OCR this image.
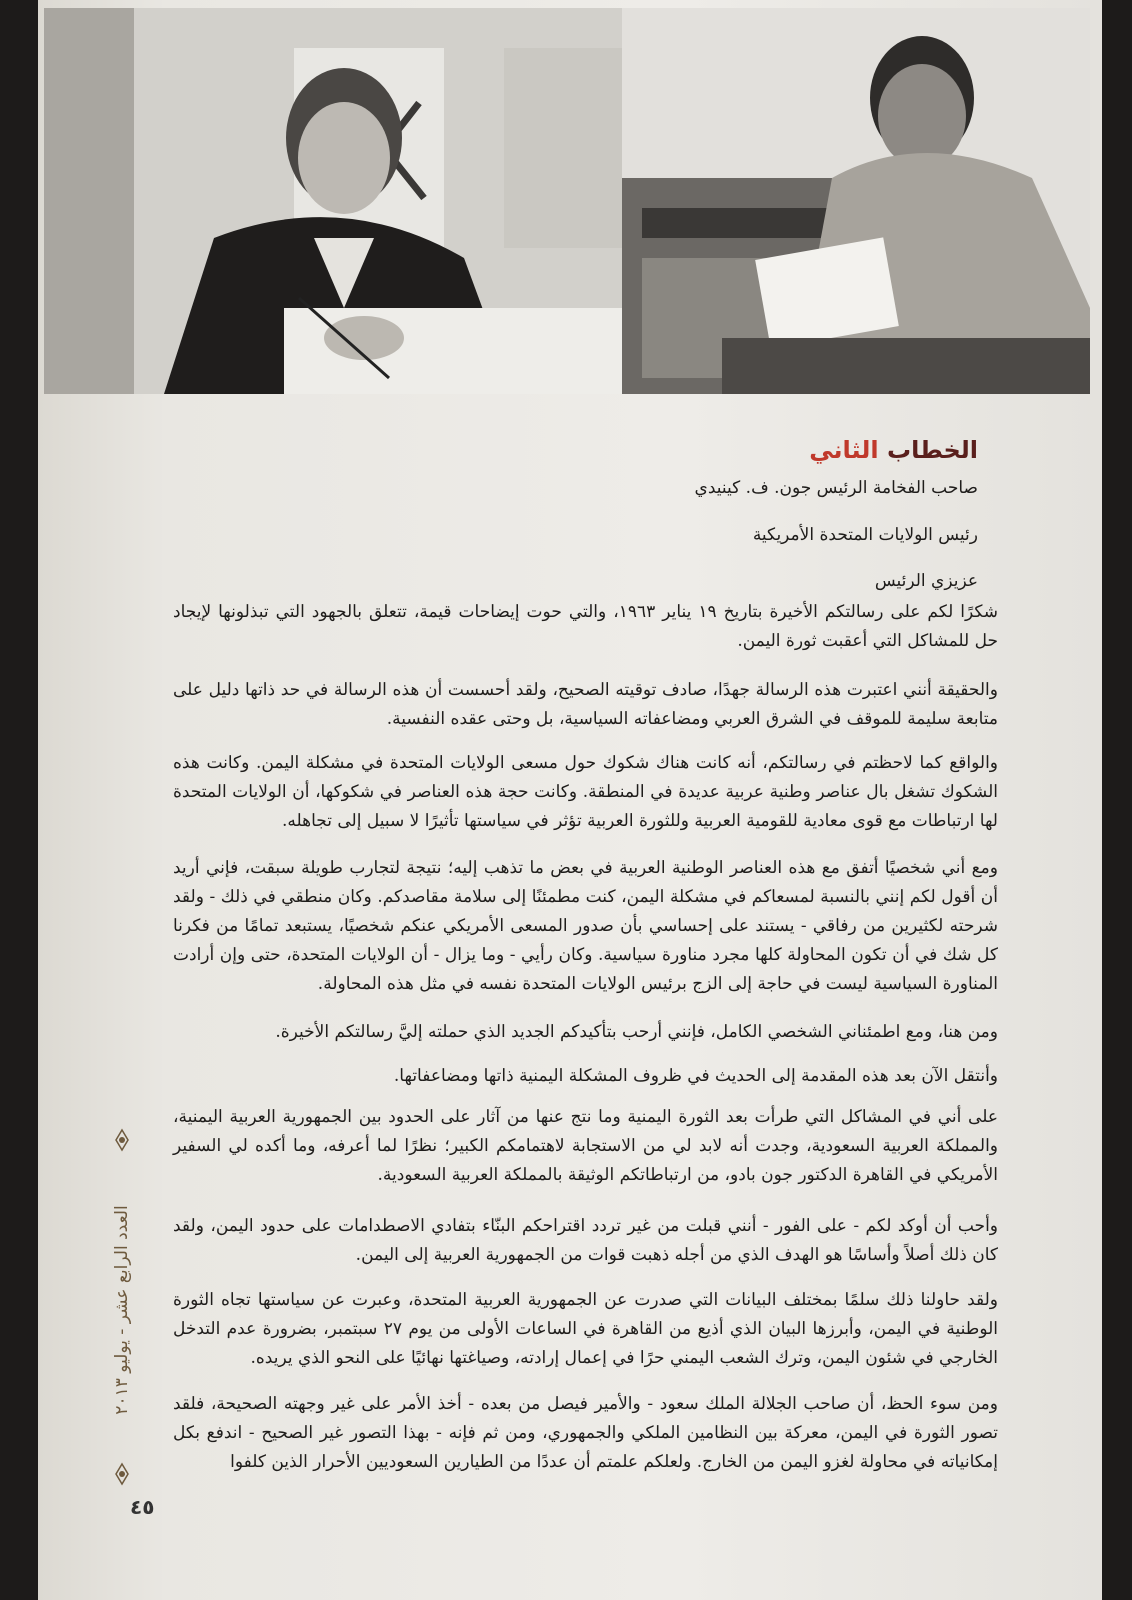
الخطاب الثاني
صاحب الفخامة الرئيس جون. ف. كينيدي
رئيس الولايات المتحدة الأمريكية
عزيزي الرئيس

شكرًا لكم على رسالتكم الأخيرة بتاريخ ١٩ يناير ١٩٦٣، والتي حوت إيضاحات قيمة، تتعلق بالجهود التي تبذلونها لإيجاد حل للمشاكل التي أعقبت ثورة اليمن.

والحقيقة أنني اعتبرت هذه الرسالة جهدًا، صادف توقيته الصحيح، ولقد أحسست أن هذه الرسالة في حد ذاتها دليل على متابعة سليمة للموقف في الشرق العربي ومضاعفاته السياسية، بل وحتى عقده النفسية.

والواقع كما لاحظتم في رسالتكم، أنه كانت هناك شكوك حول مسعى الولايات المتحدة في مشكلة اليمن. وكانت هذه الشكوك تشغل بال عناصر وطنية عربية عديدة في المنطقة. وكانت حجة هذه العناصر في شكوكها، أن الولايات المتحدة لها ارتباطات مع قوى معادية للقومية العربية وللثورة العربية تؤثر في سياستها تأثيرًا لا سبيل إلى تجاهله.

ومع أني شخصيًا أتفق مع هذه العناصر الوطنية العربية في بعض ما تذهب إليه؛ نتيجة لتجارب طويلة سبقت، فإني أريد أن أقول لكم إنني بالنسبة لمسعاكم في مشكلة اليمن، كنت مطمئنًا إلى سلامة مقاصدكم. وكان منطقي في ذلك - ولقد شرحته لكثيرين من رفاقي - يستند على إحساسي بأن صدور المسعى الأمريكي عنكم شخصيًا، يستبعد تمامًا من فكرنا كل شك في أن تكون المحاولة كلها مجرد مناورة سياسية. وكان رأيي - وما يزال - أن الولايات المتحدة، حتى وإن أرادت المناورة السياسية ليست في حاجة إلى الزج برئيس الولايات المتحدة نفسه في مثل هذه المحاولة.

ومن هنا، ومع اطمئناني الشخصي الكامل، فإنني أرحب بتأكيدكم الجديد الذي حملته إليَّ رسالتكم الأخيرة.

وأنتقل الآن بعد هذه المقدمة إلى الحديث في ظروف المشكلة اليمنية ذاتها ومضاعفاتها.

على أني في المشاكل التي طرأت بعد الثورة اليمنية وما نتج عنها من آثار على الحدود بين الجمهورية العربية اليمنية، والمملكة العربية السعودية، وجدت أنه لابد لي من الاستجابة لاهتمامكم الكبير؛ نظرًا لما أعرفه، وما أكده لي السفير الأمريكي في القاهرة الدكتور جون بادو، من ارتباطاتكم الوثيقة بالمملكة العربية السعودية.

وأحب أن أوكد لكم - على الفور - أنني قبلت من غير تردد اقتراحكم البنّاء بتفادي الاصطدامات على حدود اليمن، ولقد كان ذلك أصلاً وأساسًا هو الهدف الذي من أجله ذهبت قوات من الجمهورية العربية إلى اليمن.

ولقد حاولنا ذلك سلمًا بمختلف البيانات التي صدرت عن الجمهورية العربية المتحدة، وعبرت عن سياستها تجاه الثورة الوطنية في اليمن، وأبرزها البيان الذي أذيع من القاهرة في الساعات الأولى من يوم ٢٧ سبتمبر، بضرورة عدم التدخل الخارجي في شئون اليمن، وترك الشعب اليمني حرًا في إعمال إرادته، وصياغتها نهائيًا على النحو الذي يريده.

ومن سوء الحظ، أن صاحب الجلالة الملك سعود - والأمير فيصل من بعده - أخذ الأمر على غير وجهته الصحيحة، فلقد تصور الثورة في اليمن، معركة بين النظامين الملكي والجمهوري، ومن ثم فإنه - بهذا التصور غير الصحيح - اندفع بكل إمكانياته في محاولة لغزو اليمن من الخارج. ولعلكم علمتم أن عددًا من الطيارين السعوديين الأحرار الذين كلفوا

العدد الرابع عشر - يوليو ٢٠١٣
٤٥
